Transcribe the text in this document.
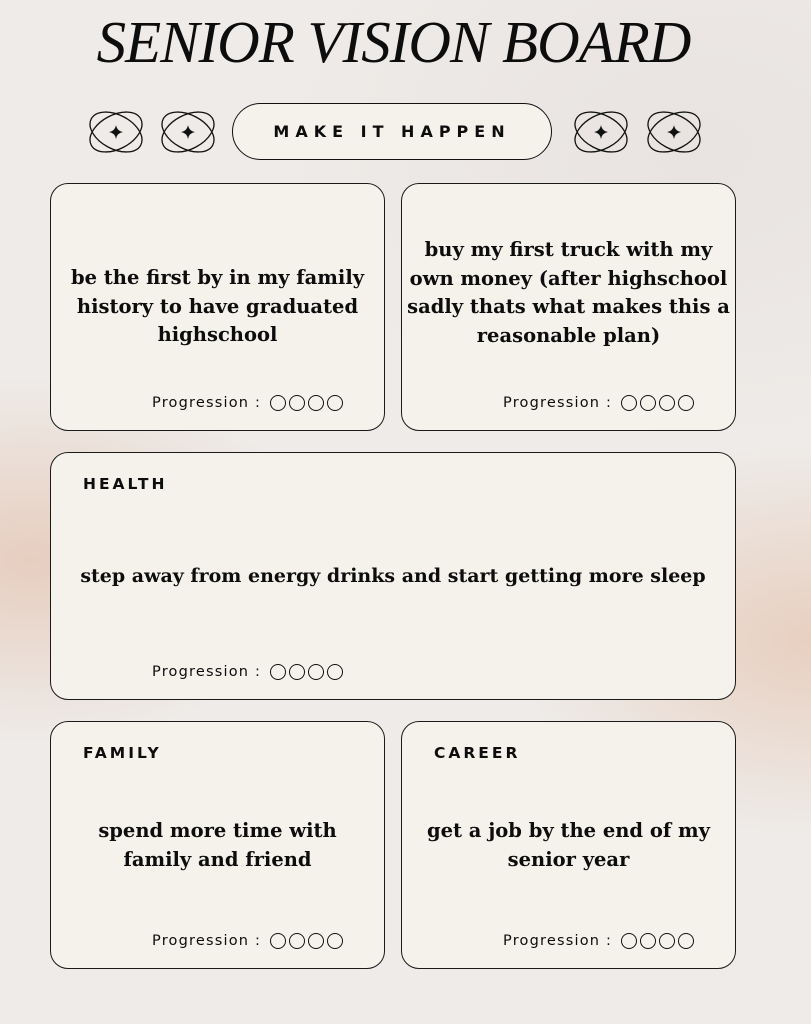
SENIOR VISION BOARD
MAKE IT HAPPEN
be the first by in my family history to have graduated highschool
Progression :
buy my first truck with my own money (after highschool sadly thats what makes this a reasonable plan)
Progression :
HEALTH
step away from energy drinks and start getting more sleep
Progression :
FAMILY
spend more time with family and friend
Progression :
CAREER
get a job by the end of my senior year
Progression :
